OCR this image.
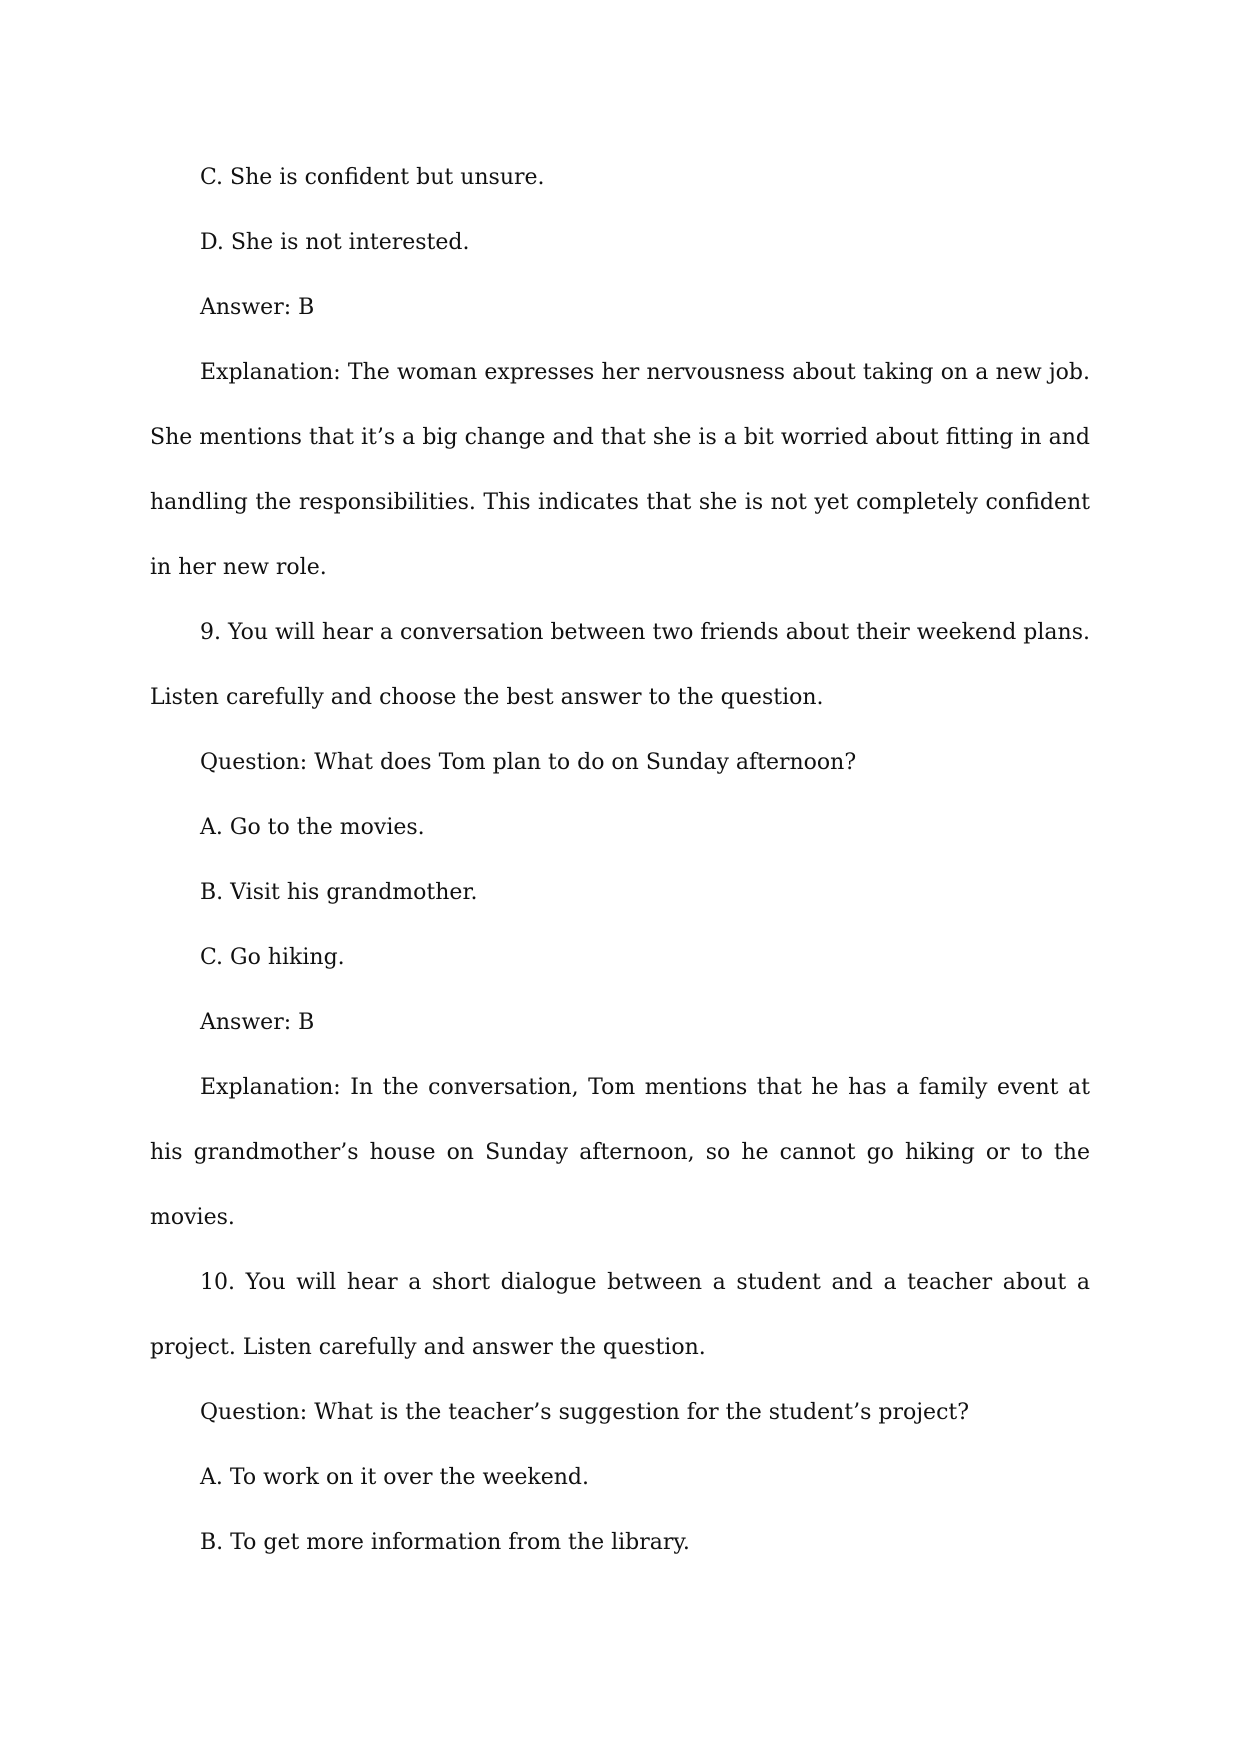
C. She is confident but unsure.

D. She is not interested.

Answer: B

Explanation: The woman expresses her nervousness about taking on a new job. She mentions that it’s a big change and that she is a bit worried about fitting in and handling the responsibilities. This indicates that she is not yet completely confident in her new role.

9. You will hear a conversation between two friends about their weekend plans. Listen carefully and choose the best answer to the question.

Question: What does Tom plan to do on Sunday afternoon?

A. Go to the movies.

B. Visit his grandmother.

C. Go hiking.

Answer: B

Explanation: In the conversation, Tom mentions that he has a family event at his grandmother’s house on Sunday afternoon, so he cannot go hiking or to the movies.

10. You will hear a short dialogue between a student and a teacher about a project. Listen carefully and answer the question.

Question: What is the teacher’s suggestion for the student’s project?

A. To work on it over the weekend.

B. To get more information from the library.
